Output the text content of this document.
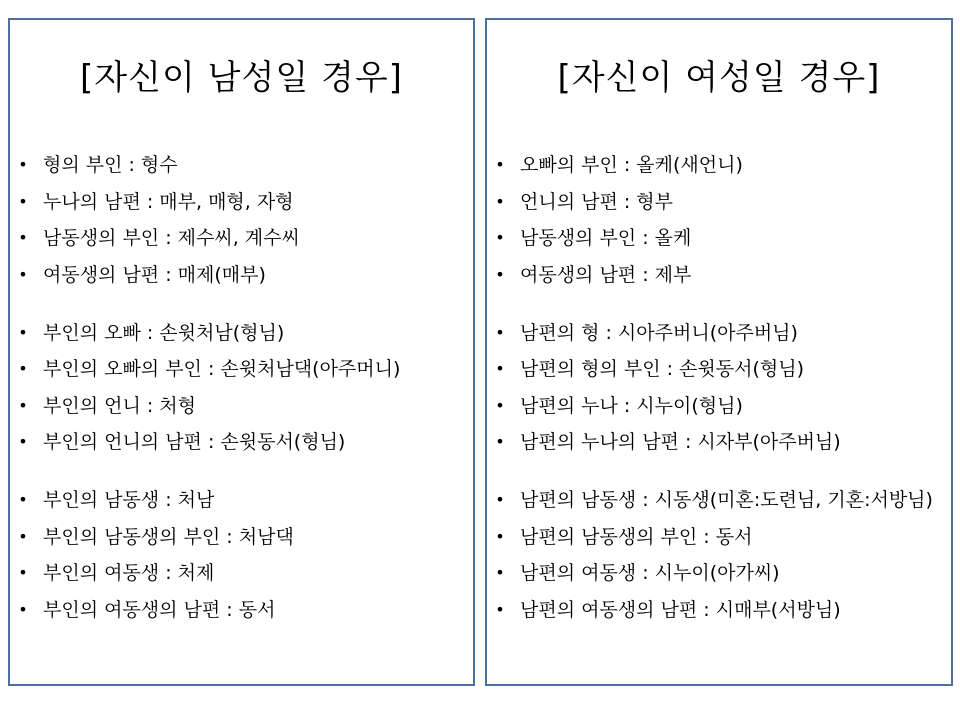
[자신이 남성일 경우]
• 형의 부인 : 형수
• 누나의 남편 : 매부, 매형, 자형
• 남동생의 부인 : 제수씨, 계수씨
• 여동생의 남편 : 매제(매부)
• 부인의 오빠 : 손윗처남(형님)
• 부인의 오빠의 부인 : 손윗처남댁(아주머니)
• 부인의 언니 : 처형
• 부인의 언니의 남편 : 손윗동서(형님)
• 부인의 남동생 : 처남
• 부인의 남동생의 부인 : 처남댁
• 부인의 여동생 : 처제
• 부인의 여동생의 남편 : 동서
[자신이 여성일 경우]
• 오빠의 부인 : 올케(새언니)
• 언니의 남편 : 형부
• 남동생의 부인 : 올케
• 여동생의 남편 : 제부
• 남편의 형 : 시아주버니(아주버님)
• 남편의 형의 부인 : 손윗동서(형님)
• 남편의 누나 : 시누이(형님)
• 남편의 누나의 남편 : 시자부(아주버님)
• 남편의 남동생 : 시동생(미혼:도련님, 기혼:서방님)
• 남편의 남동생의 부인 : 동서
• 남편의 여동생 : 시누이(아가씨)
• 남편의 여동생의 남편 : 시매부(서방님)
